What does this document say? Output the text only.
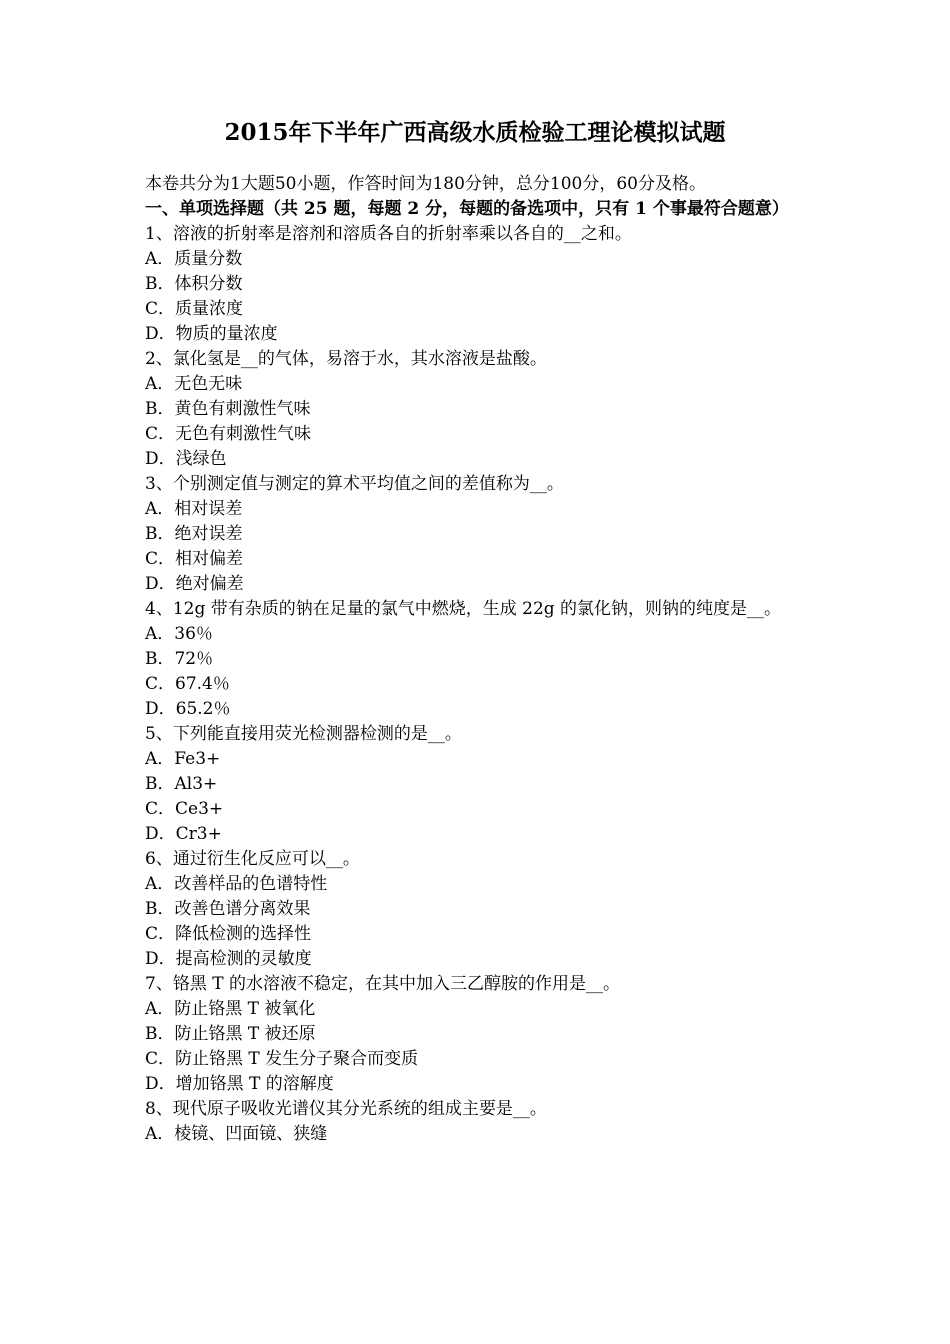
2015年下半年广西高级水质检验工理论模拟试题
本卷共分为1大题50小题，作答时间为180分钟，总分100分，60分及格。
一、单项选择题（共 25 题，每题 2 分，每题的备选项中，只有 1 个事最符合题意）
1、溶液的折射率是溶剂和溶质各自的折射率乘以各自的__之和。
A．质量分数
B．体积分数
C．质量浓度
D．物质的量浓度
2、氯化氢是__的气体，易溶于水，其水溶液是盐酸。
A．无色无味
B．黄色有刺激性气味
C．无色有刺激性气味
D．浅绿色
3、个别测定值与测定的算术平均值之间的差值称为__。
A．相对误差
B．绝对误差
C．相对偏差
D．绝对偏差
4、12g 带有杂质的钠在足量的氯气中燃烧，生成 22g 的氯化钠，则钠的纯度是__。
A．36％
B．72％
C．67.4％
D．65.2％
5、下列能直接用荧光检测器检测的是__。
A．Fe3+
B．Al3+
C．Ce3+
D．Cr3+
6、通过衍生化反应可以__。
A．改善样品的色谱特性
B．改善色谱分离效果
C．降低检测的选择性
D．提高检测的灵敏度
7、铬黑 T 的水溶液不稳定，在其中加入三乙醇胺的作用是__。
A．防止铬黑 T 被氧化
B．防止铬黑 T 被还原
C．防止铬黑 T 发生分子聚合而变质
D．增加铬黑 T 的溶解度
8、现代原子吸收光谱仪其分光系统的组成主要是__。
A．棱镜、凹面镜、狭缝
